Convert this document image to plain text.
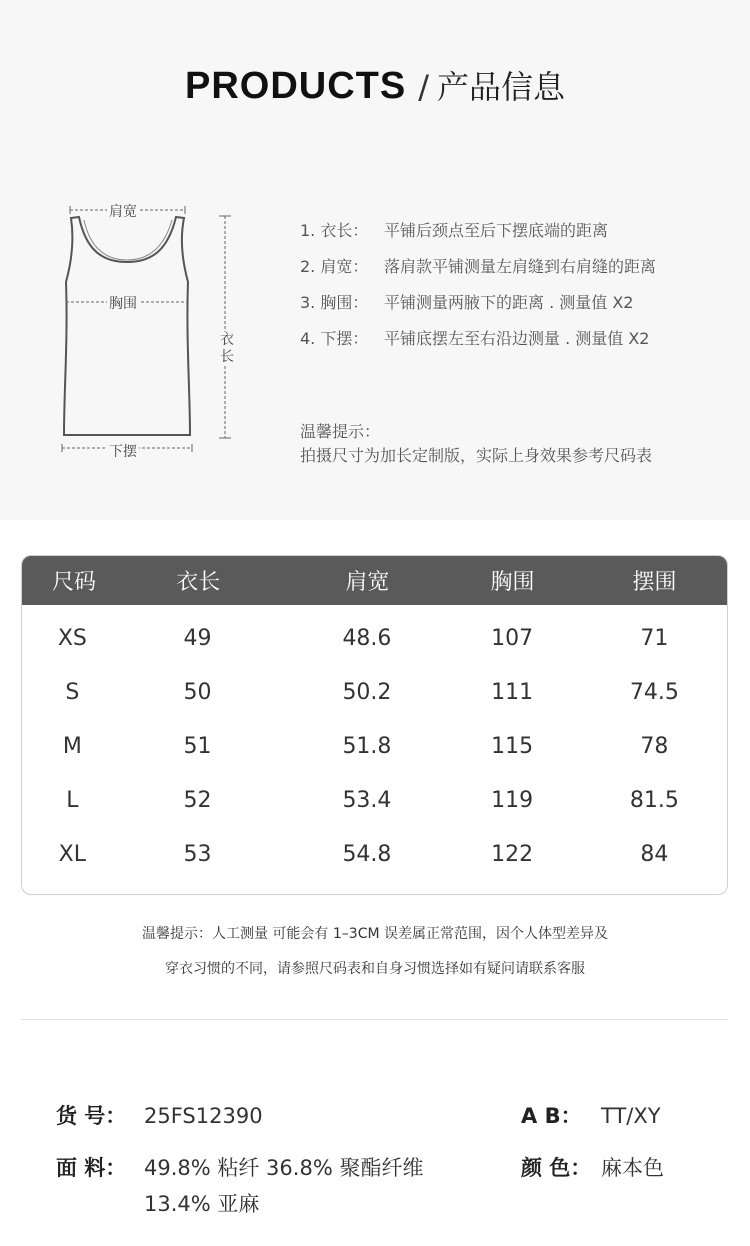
PRODUCTS / 产品信息
肩宽
胸围
下摆
衣长
1. 衣长： 平铺后颈点至后下摆底端的距离
2. 肩宽： 落肩款平铺测量左肩缝到右肩缝的距离
3. 胸围： 平铺测量两腋下的距离 . 测量值 X2
4. 下摆： 平铺底摆左至右沿边测量 . 测量值 X2
温馨提示：
拍摄尺寸为加长定制版，实际上身效果参考尺码表
尺码	衣长	肩宽	胸围	摆围
XS	49	48.6	107	71
S	50	50.2	111	74.5
M	51	51.8	115	78
L	52	53.4	119	81.5
XL	53	54.8	122	84
温馨提示：人工测量 可能会有 1–3CM 误差属正常范围，因个人体型差异及
穿衣习惯的不同，请参照尺码表和自身习惯选择如有疑问请联系客服
货 号： 25FS12390	A B： TT/XY
面 料： 49.8% 粘纤 36.8% 聚酯纤维
13.4% 亚麻
颜 色： 麻本色
